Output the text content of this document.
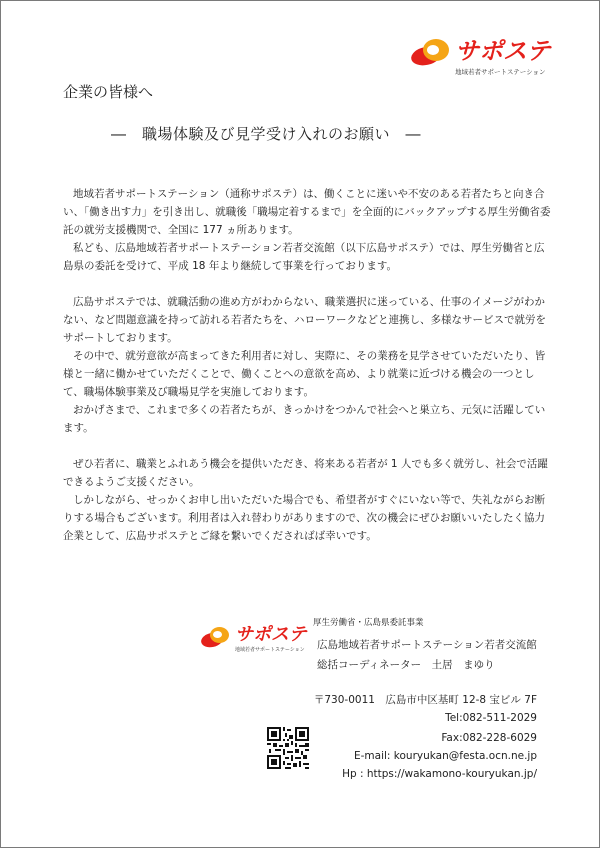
サポステ
地域若者サポートステーション
企業の皆様へ
―　職場体験及び見学受け入れのお願い　―

地域若者サポートステーション（通称サポステ）は、働くことに迷いや不安のある若者たちと向き合い、「働き出す力」を引き出し、就職後「職場定着するまで」を全面的にバックアップする厚生労働省委託の就労支援機関で、全国に 177 ヵ所あります。

私ども、広島地域若者サポートステーション若者交流館（以下広島サポステ）では、厚生労働省と広島県の委託を受けて、平成 18 年より継続して事業を行っております。

広島サポステでは、就職活動の進め方がわからない、職業選択に迷っている、仕事のイメージがわかない、など問題意識を持って訪れる若者たちを、ハローワークなどと連携し、多様なサービスで就労をサポートしております。

その中で、就労意欲が高まってきた利用者に対し、実際に、その業務を見学させていただいたり、皆様と一緒に働かせていただくことで、働くことへの意欲を高め、より就業に近づける機会の一つとして、職場体験事業及び職場見学を実施しております。

おかげさまで、これまで多くの若者たちが、きっかけをつかんで社会へと巣立ち、元気に活躍しています。

ぜひ若者に、職業とふれあう機会を提供いただき、将来ある若者が 1 人でも多く就労し、社会で活躍できるようご支援ください。

しかしながら、せっかくお申し出いただいた場合でも、希望者がすぐにいない等で、失礼ながらお断りする場合もございます。利用者は入れ替わりがありますので、次の機会にぜひお願いいたしたく協力企業として、広島サポステとご縁を繋いでくださればば幸いです。

厚生労働省・広島県委託事業
サポステ
地域若者サポートステーション 広島地域若者サポートステーション若者交流館
総括コーディネーター　土居　まゆり
〒730-0011　広島市中区基町 12-8 宝ビル 7F
Tel:082-511-2029
Fax:082-228-6029
E-mail: kouryukan@festa.ocn.ne.jp
Hp : https://wakamono-kouryukan.jp/
